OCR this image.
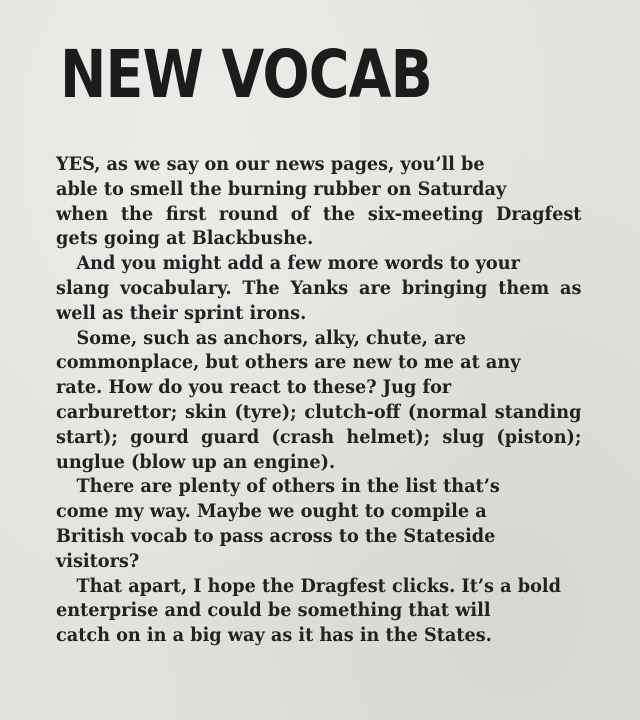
NEW VOCAB
YES, as we say on our news pages, you’ll be
able to smell the burning rubber on Saturday
when the first round of the six-meeting Dragfest
gets going at Blackbushe.
And you might add a few more words to your
slang vocabulary. The Yanks are bringing them as
well as their sprint irons.
Some, such as anchors, alky, chute, are
commonplace, but others are new to me at any
rate. How do you react to these? Jug for
carburettor; skin (tyre); clutch-off (normal standing
start); gourd guard (crash helmet); slug (piston);
unglue (blow up an engine).
There are plenty of others in the list that’s
come my way. Maybe we ought to compile a
British vocab to pass across to the Stateside
visitors?
That apart, I hope the Dragfest clicks. It’s a bold
enterprise and could be something that will
catch on in a big way as it has in the States.
